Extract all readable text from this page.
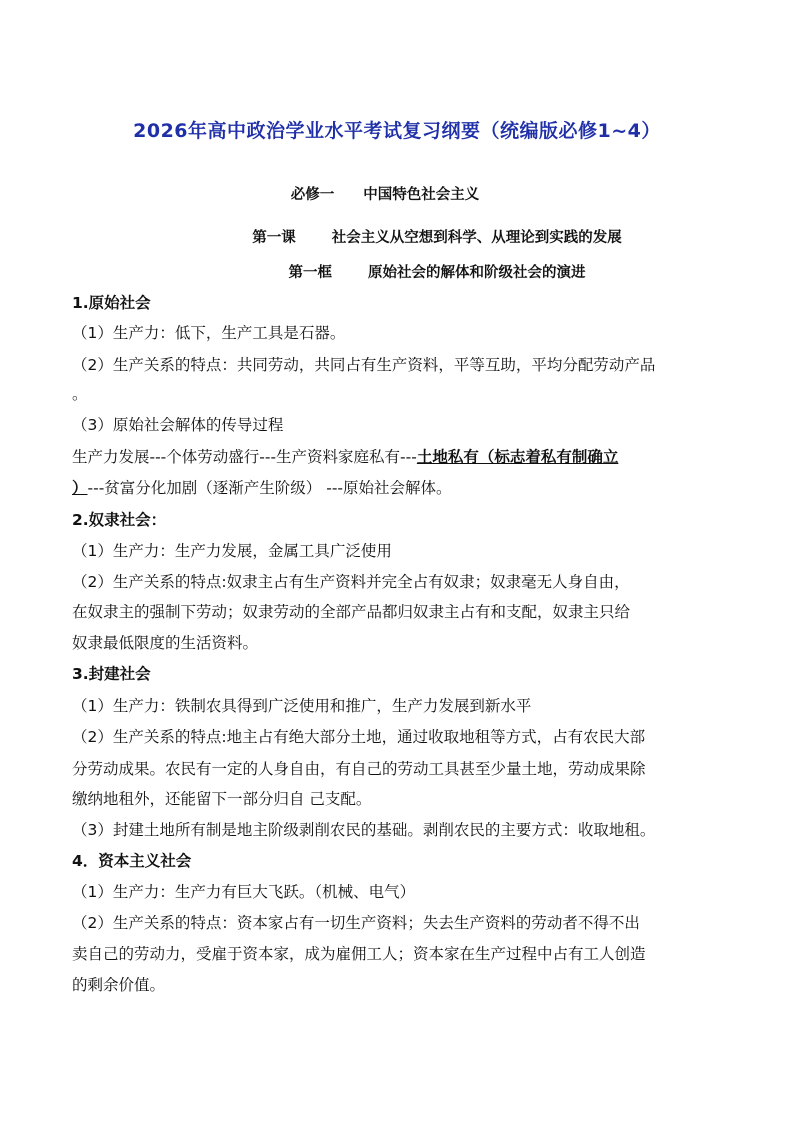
2026年高中政治学业水平考试复习纲要（统编版必修1~4）
必修一　　中国特色社会主义
第一课 社会主义从空想到科学、从理论到实践的发展
第一框 原始社会的解体和阶级社会的演进
1.原始社会
（1）生产力：低下，生产工具是石器。
（2）生产关系的特点：共同劳动，共同占有生产资料，平等互助，平均分配劳动产品
。
（3）原始社会解体的传导过程
生产力发展---个体劳动盛行---生产资料家庭私有---土地私有（标志着私有制确立
）---贫富分化加剧（逐渐产生阶级） ---原始社会解体。
2.奴隶社会：
（1）生产力：生产力发展，金属工具广泛使用
（2）生产关系的特点:奴隶主占有生产资料并完全占有奴隶；奴隶毫无人身自由，
在奴隶主的强制下劳动；奴隶劳动的全部产品都归奴隶主占有和支配，奴隶主只给
奴隶最低限度的生活资料。
3.封建社会
（1）生产力：铁制农具得到广泛使用和推广，生产力发展到新水平
（2）生产关系的特点:地主占有绝大部分土地，通过收取地租等方式，占有农民大部
分劳动成果。农民有一定的人身自由，有自己的劳动工具甚至少量土地，劳动成果除
缴纳地租外，还能留下一部分归自 己支配。
（3）封建土地所有制是地主阶级剥削农民的基础。剥削农民的主要方式：收取地租。
4．资本主义社会
（1）生产力：生产力有巨大飞跃。（机械、电气）
（2）生产关系的特点：资本家占有一切生产资料；失去生产资料的劳动者不得不出
卖自己的劳动力，受雇于资本家，成为雇佣工人；资本家在生产过程中占有工人创造
的剩余价值。
